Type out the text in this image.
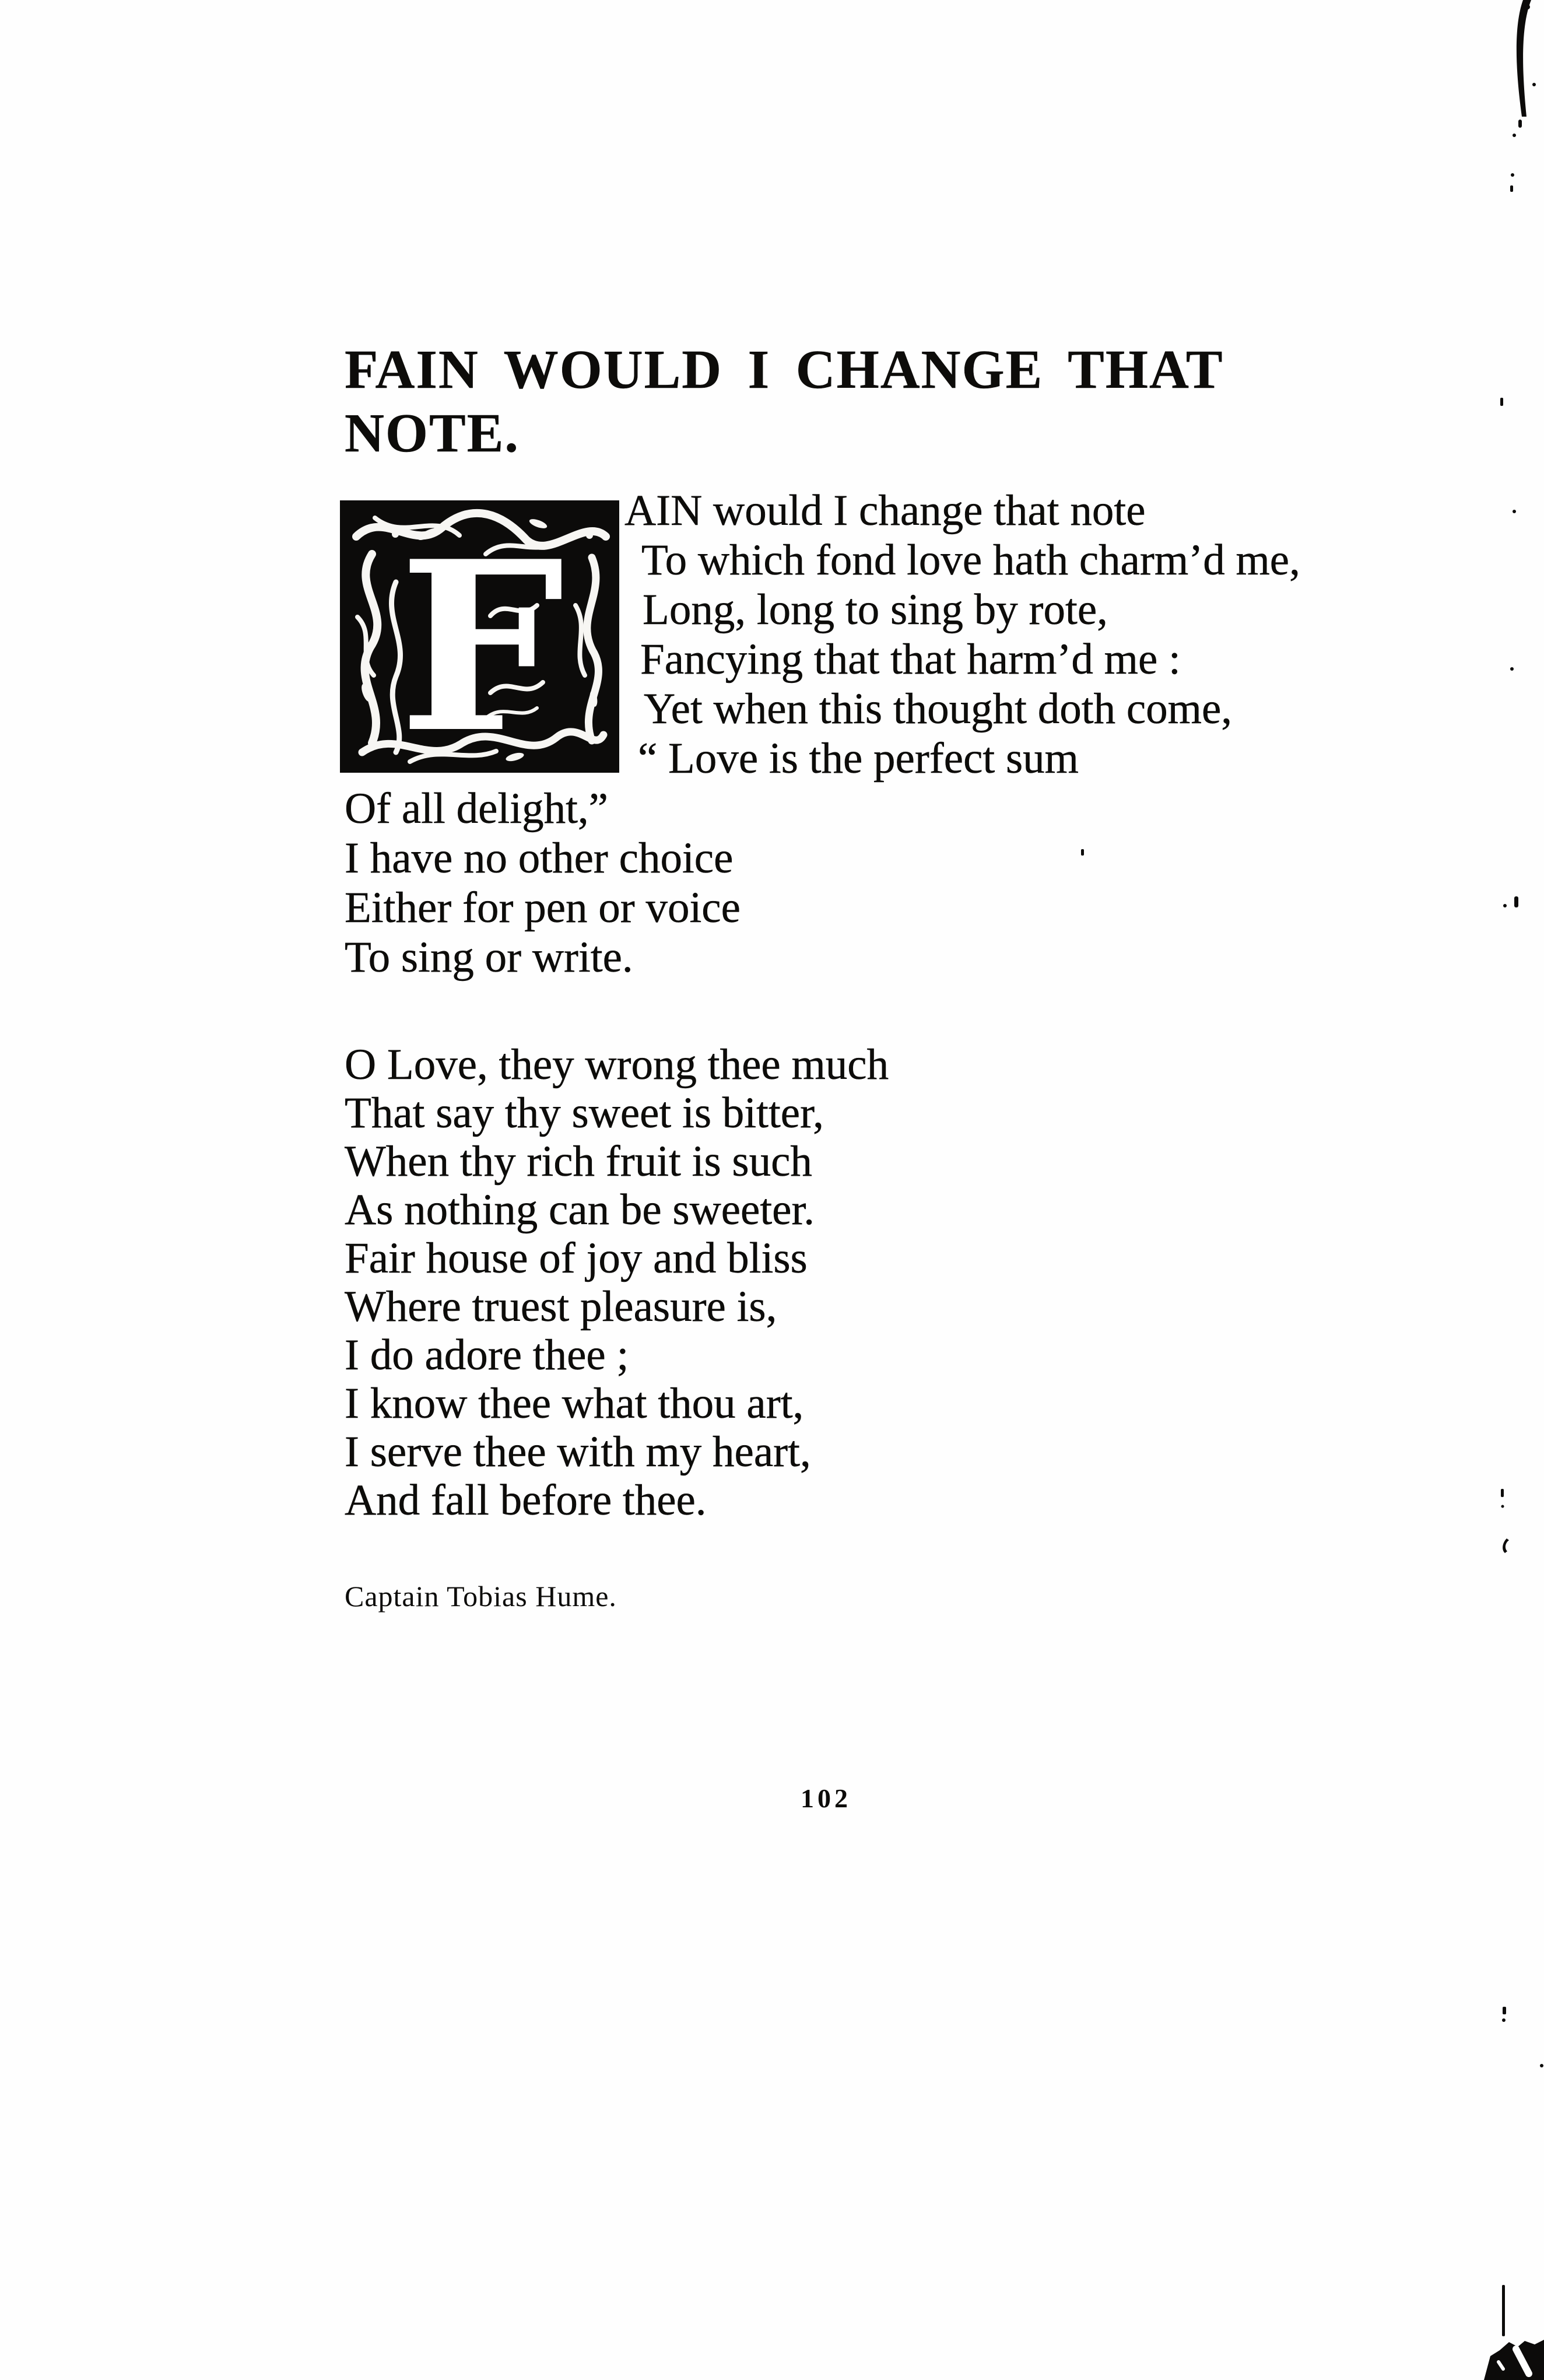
FAIN WOULD I CHANGE THAT
NOTE.
F AIN would I change that note
To which fond love hath charm’d me,
Long, long to sing by rote,
Fancying that that harm’d me :
Yet when this thought doth come,
“ Love is the perfect sum
Of all delight,”
I have no other choice
Either for pen or voice
To sing or write.
O Love, they wrong thee much
That say thy sweet is bitter,
When thy rich fruit is such
As nothing can be sweeter.
Fair house of joy and bliss
Where truest pleasure is,
I do adore thee ;
I know thee what thou art,
I serve thee with my heart,
And fall before thee.
Captain Tobias Hume.
102
